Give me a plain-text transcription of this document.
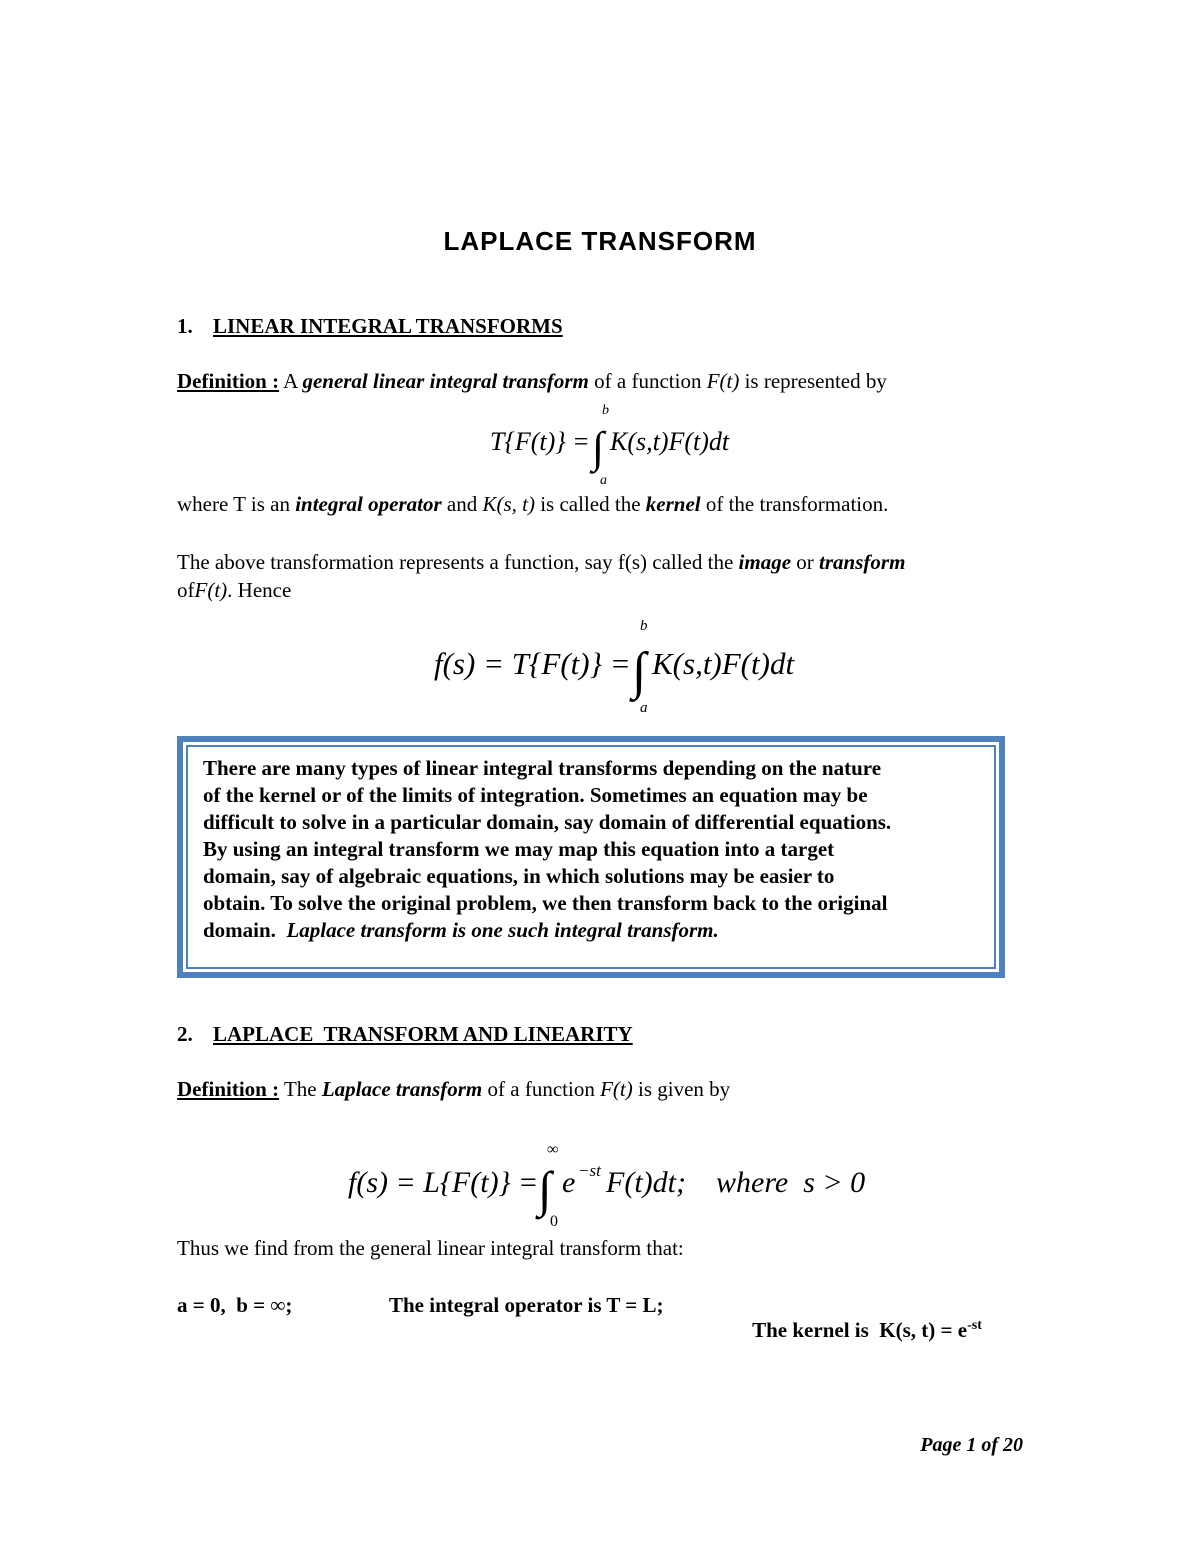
LAPLACE TRANSFORM
1. LINEAR INTEGRAL TRANSFORMS
Definition : A general linear integral transform of a function F(t) is represented by
b
T{F(t)} = ∫ K(s,t)F(t)dt
a
where T is an integral operator and K(s, t) is called the kernel of the transformation.
The above transformation represents a function, say f(s) called the image or transform
ofF(t). Hence
b
f(s) = T{F(t)} = ∫ K(s,t)F(t)dt
a
There are many types of linear integral transforms depending on the nature
of the kernel or of the limits of integration. Sometimes an equation may be
difficult to solve in a particular domain, say domain of differential equations.
By using an integral transform we may map this equation into a target
domain, say of algebraic equations, in which solutions may be easier to
obtain. To solve the original problem, we then transform back to the original
domain. Laplace transform is one such integral transform.
2. LAPLACE  TRANSFORM AND LINEARITY
Definition : The Laplace transform of a function F(t) is given by
∞
f(s) = L{F(t)} = ∫ e −st F(t)dt; where  s > 0
0
Thus we find from the general linear integral transform that:
a = 0,  b = ∞;	The integral operator is T = L;

The kernel is  K(s, $t) = e^{-st}$

Page 1 of 20
